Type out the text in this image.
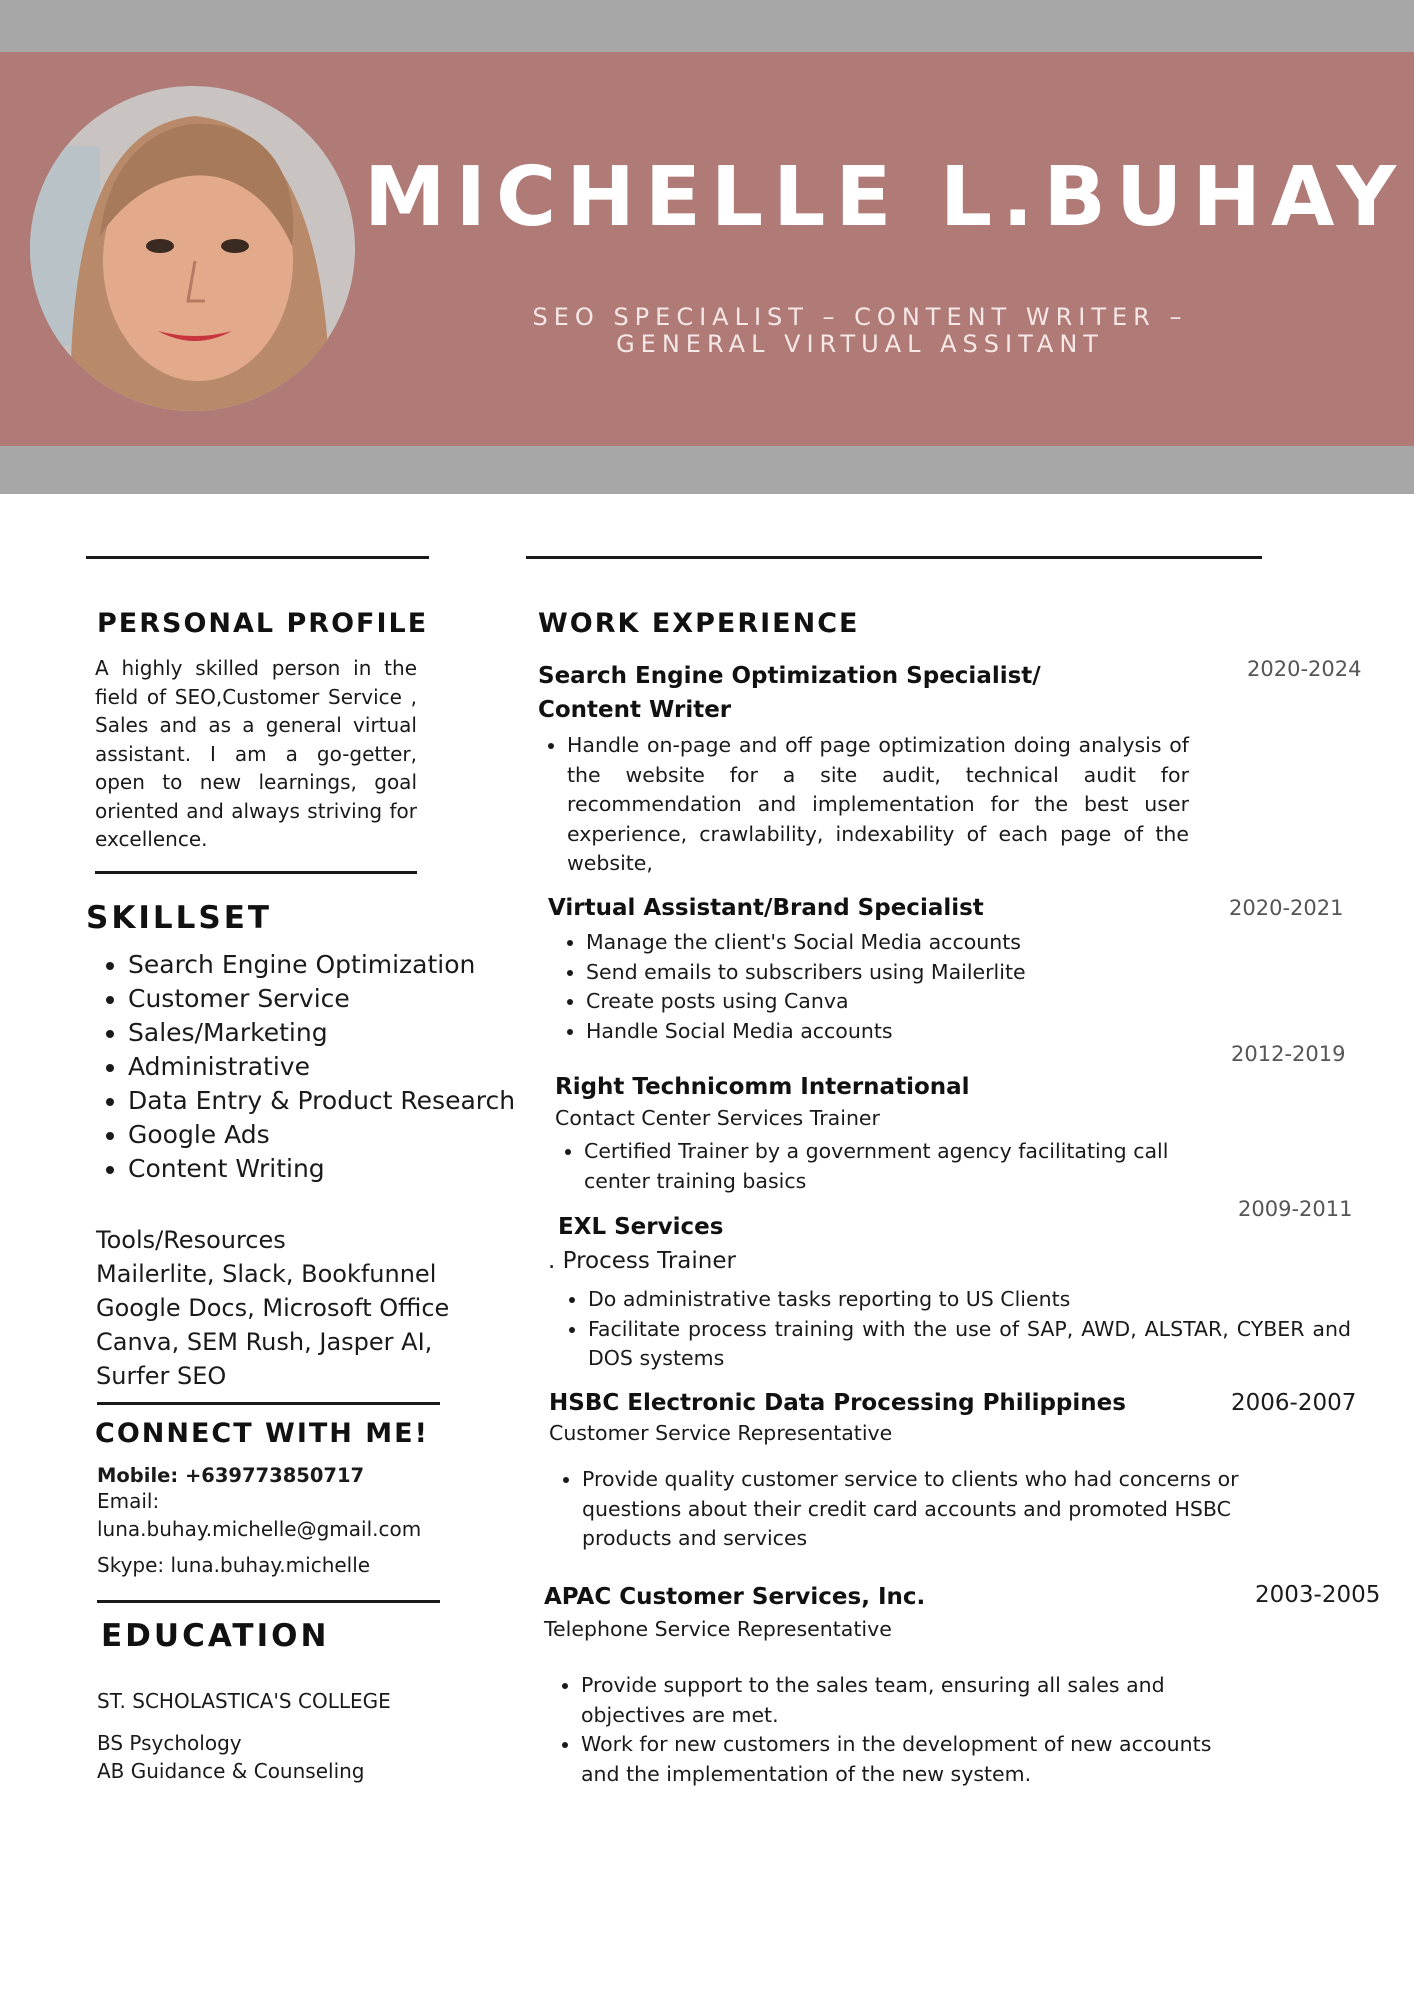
MICHELLE L.BUHAY
SEO SPECIALIST – CONTENT WRITER –
GENERAL VIRTUAL ASSITANT
PERSONAL PROFILE
A highly skilled person in the field of SEO,Customer Service , Sales and as a general virtual assistant. I am a go-getter, open to new learnings, goal oriented and always striving for excellence.
SKILLSET
• Search Engine Optimization
• Customer Service
• Sales/Marketing
• Administrative
• Data Entry & Product Research
• Google Ads
• Content Writing
Tools/Resources
Mailerlite, Slack, Bookfunnel
Google Docs, Microsoft Office
Canva, SEM Rush, Jasper AI,
Surfer SEO
CONNECT WITH ME!
Mobile: +639773850717
Email:
luna.buhay.michelle@gmail.com
Skype: luna.buhay.michelle
EDUCATION
ST. SCHOLASTICA'S COLLEGE
BS Psychology
AB Guidance & Counseling
WORK EXPERIENCE
Search Engine Optimization Specialist/
Content Writer
2020-2024
• Handle on-page and off page optimization doing analysis of the website for a site audit, technical audit for recommendation and implementation for the best user experience, crawlability, indexability of each page of the website,
Virtual Assistant/Brand Specialist	2020-2021
• Manage the client's Social Media accounts
• Send emails to subscribers using Mailerlite
• Create posts using Canva
• Handle Social Media accounts
2012-2019
Right Technicomm International
Contact Center Services Trainer
• Certified Trainer by a government agency facilitating call center training basics
2009-2011
EXL Services
. Process Trainer
• Do administrative tasks reporting to US Clients
• Facilitate process training with the use of SAP, AWD, ALSTAR, CYBER and DOS systems
HSBC Electronic Data Processing Philippines	2006-2007
Customer Service Representative
• Provide quality customer service to clients who had concerns or questions about their credit card accounts and promoted HSBC products and services
APAC Customer Services, Inc.	2003-2005
Telephone Service Representative
• Provide support to the sales team, ensuring all sales and objectives are met.
• Work for new customers in the development of new accounts and the implementation of the new system.
